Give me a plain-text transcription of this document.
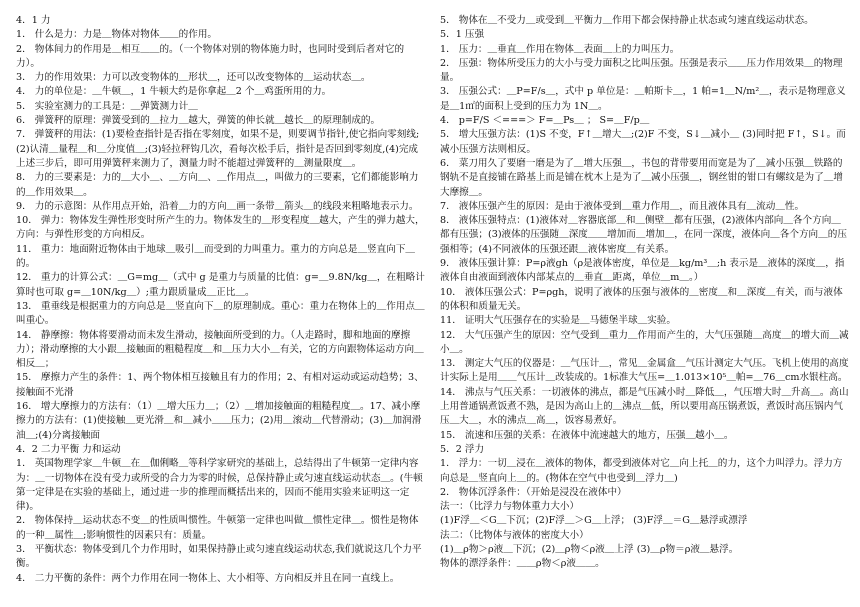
4．1 力
1． 什么是力：力是＿物体对物体＿＿的作用。
2． 物体间力的作用是＿相互＿＿的。（一个物体对别的物体施力时，也同时受到后者对它的力）。
3． 力的作用效果：力可以改变物体的＿形状＿，还可以改变物体的＿运动状态＿。
4． 力的单位是：＿牛顿＿，1 牛顿大约是你拿起＿2 个＿鸡蛋所用的力。
5． 实验室测力的工具是：＿弹簧测力计＿
6． 弹簧秤的原理：弹簧受到的＿拉力＿越大，弹簧的伸长就＿越长＿的原理制成的。
7． 弹簧秤的用法：(1)要检查指针是否指在零刻度，如果不是，则要调节指针,使它指向零刻线;(2)认清＿量程＿和＿分度值＿;(3)轻拉秤钩几次，看每次松手后，指针是否回到零刻度,(4)完成上述三步后，即可用弹簧秤来测力了，测量力时不能超过弹簧秤的＿测量限度＿。
8． 力的三要素是：力的＿大小＿、＿方向＿、＿作用点＿，叫做力的三要素，它们都能影响力的＿作用效果＿。
9． 力的示意图：从作用点开始，沿着＿力的方向＿画一条带＿箭头＿的线段来粗略地表示力。
10． 弹力：物体发生弹性形变时所产生的力。物体发生的＿形变程度＿越大，产生的弹力越大，方向：与弹性形变的方向相反。
11． 重力：地面附近物体由于地球＿吸引＿而受到的力叫重力。重力的方向总是＿竖直向下＿的。
12． 重力的计算公式：＿G=mg＿（式中 g 是重力与质量的比值：g=＿9.8N/kg＿，在粗略计算时也可取 g=＿10N/kg＿）;重力跟质量成＿正比＿。
13． 重垂线是根据重力的方向总是＿竖直向下＿的原理制成。重心：重力在物体上的＿作用点＿叫重心。
14． 静摩擦：物体将要滑动而未发生滑动，接触面所受到的力。（人走路时，脚和地面的摩擦力）；滑动摩擦的大小跟＿接触面的粗糙程度＿和＿压力大小＿有关，它的方向跟物体运动方向＿相反＿；
15． 摩擦力产生的条件：1、两个物体相互接触且有力的作用；2、有相对运动或运动趋势；3、接触面不光滑
16． 增大摩擦力的方法有：（1）＿增大压力＿；（2）＿增加接触面的粗糙程度＿。17、减小摩擦力的方法有：(1)使接触＿更光滑＿和＿减小＿＿压力；(2)用＿滚动＿代替滑动；(3)＿加润滑油＿;(4)分离接触面
4．2 二力平衡 力和运动
1． 英国物理学家＿牛顿＿在＿伽俐略＿等科学家研究的基础上，总结得出了牛顿第一定律内容为：＿一切物体在没有受力或所受的合力为零的时候，总保持静止或匀速直线运动状态＿。(牛顿第一定律是在实验的基础上，通过进一步的推理而概括出来的，因而不能用实验来证明这一定律)。
2． 物体保持＿运动状态不变＿的性质叫惯性。牛顿第一定律也叫做＿惯性定律＿。惯性是物体的一种＿属性＿;影响惯性的因素只有：质量。
3． 平衡状态：物体受到几个力作用时，如果保持静止或匀速直线运动状态,我们就说这几个力平衡。
4． 二力平衡的条件：两个力作用在同一物体上、大小相等、方向相反并且在同一直线上。
5． 物体在＿不受力＿或受到＿平衡力＿作用下都会保持静止状态或匀速直线运动状态。
5．1 压强
1． 压力：＿垂直＿作用在物体＿表面＿上的力叫压力。
2． 压强：物体所受压力的大小与受力面积之比叫压强。压强是表示＿＿压力作用效果＿的物理量。
3． 压强公式：＿P=F/s＿，式中 p 单位是：＿帕斯卡＿，1 帕=1＿N/m²＿，表示是物理意义是＿1㎡的面积上受到的压力为 1N＿。
4． p=F/S ＜===＞ F=＿Ps＿ ； S=＿F/p＿
5． 增大压强方法：(1)S 不变，F↑＿增大＿;(2)F 不变，S↓＿减小＿ (3)同时把 F↑，S↓。而减小压强方法则相反。
6． 菜刀用久了要磨一磨是为了＿增大压强＿，书包的背带要用而宽是为了＿减小压强＿铁路的钢轨不是直接铺在路基上而是铺在枕木上是为了＿减小压强＿，钢丝钳的钳口有螺纹是为了＿增大摩擦＿。
7． 液体压强产生的原因：是由于液体受到＿重力作用＿，而且液体具有＿流动＿性。
8． 液体压强特点：(1)液体对＿容器底部＿和＿侧壁＿都有压强，(2)液体内部向＿各个方向＿都有压强；(3)液体的压强随＿深度＿＿增加而＿增加＿，在同一深度，液体向＿各个方向＿的压强相等；(4)不同液体的压强还跟＿液体密度＿有关系。
9． 液体压强计算：P=ρ液gh（ρ是液体密度，单位是＿kg/m³＿;h 表示是＿液体的深度＿，指液体自由液面到液体内部某点的＿垂直＿距离，单位＿m＿。）
10． 液体压强公式：P=ρgh，说明了液体的压强与液体的＿密度＿和＿深度＿有关，而与液体的体积和质量无关。
11． 证明大气压强存在的实验是＿马德堡半球＿实验。
12． 大气压强产生的原因：空气受到＿重力＿作用而产生的，大气压强随＿高度＿的增大而＿减小＿。
13． 测定大气压的仪器是：＿气压计＿，常见＿金属盒＿气压计测定大气压。飞机上使用的高度计实际上是用＿＿气压计＿改装成的。1标准大气压=＿1.013×10⁵＿帕=＿76＿cm水银柱高。
14． 沸点与气压关系：一切液体的沸点，都是气压减小时＿降低＿，气压增大时＿升高＿。高山上用普通锅煮饭煮不熟，是因为高山上的＿沸点＿低，所以要用高压锅煮饭，煮饭时高压锅内气压＿大＿，水的沸点＿高＿，饭容易煮好。
15． 流速和压强的关系：在液体中流速越大的地方，压强＿越小＿。
5．2 浮力
1． 浮力：一切＿浸在＿液体的物体，都受到液体对它＿向上托＿的力，这个力叫浮力。浮力方向总是＿竖直向上＿的。(物体在空气中也受到＿浮力＿)
2． 物体沉浮条件：（开始是浸没在液体中）
法一：（比浮力与物体重力大小）
(1)F浮＿＜G＿下沉；(2)F浮＿＞G＿上浮； (3)F浮＿＝G＿悬浮或漂浮
法二：（比物体与液体的密度大小）
(1)＿ρ物＞ρ液＿下沉；(2)＿ρ物＜ρ液＿上浮 (3)＿ρ物＝ρ液＿悬浮。
物体的漂浮条件：＿＿ρ物＜ρ液＿＿。
